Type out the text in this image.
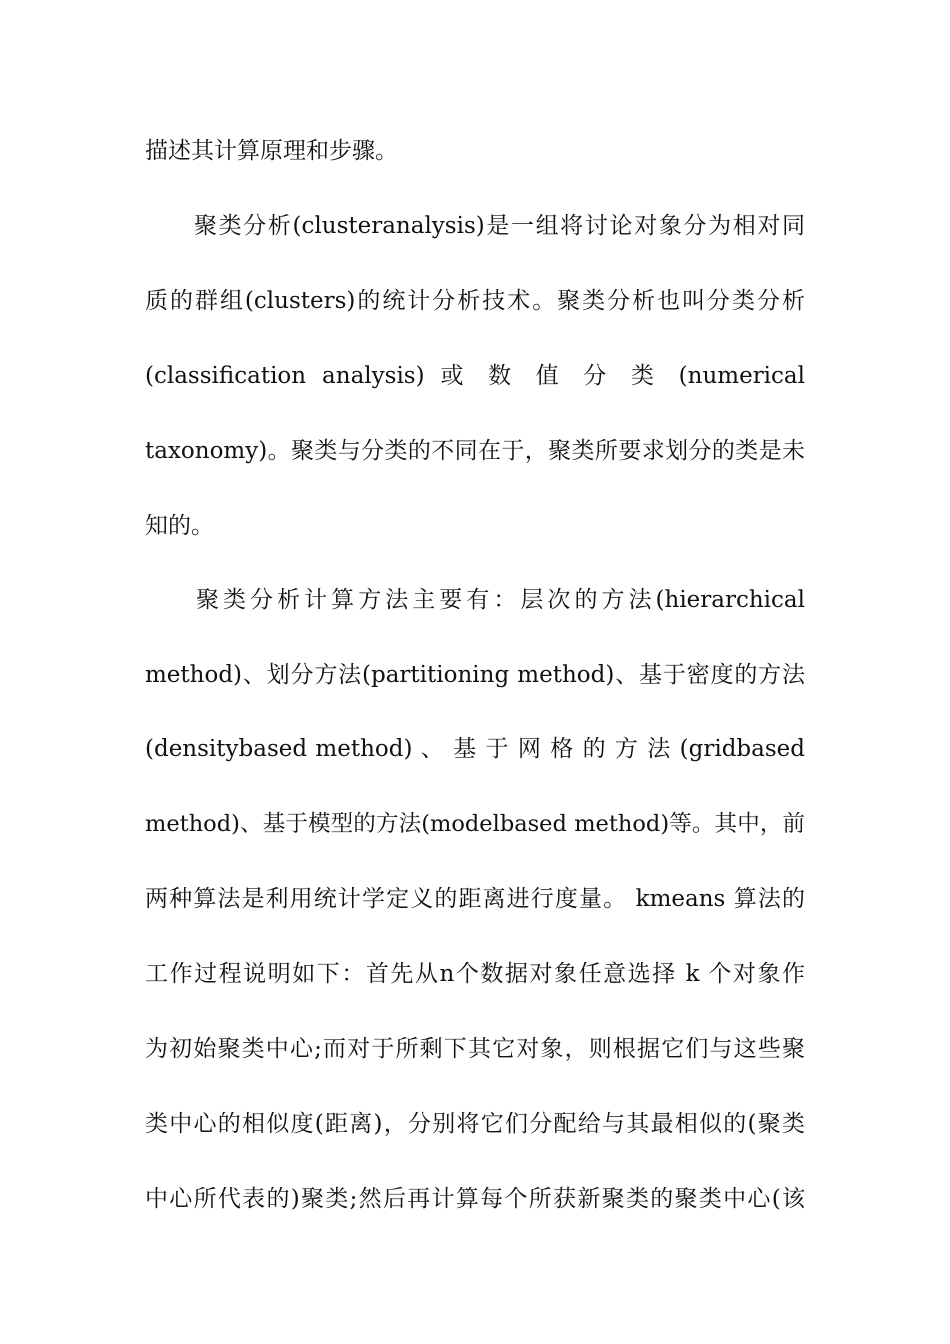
描述其计算原理和步骤。
聚类分析(clusteranalysis)是一组将讨论对象分为相对同
质的群组(clusters)的统计分析技术。聚类分析也叫分类分析
(classification analysis) 或 数 值 分 类 (numerical
taxonomy)。聚类与分类的不同在于，聚类所要求划分的类是未
知的。
聚类分析计算方法主要有：层次的方法(hierarchical
method)、划分方法(partitioning method)、基于密度的方法
(densitybased method) 、 基 于 网 格 的 方 法 (gridbased
method)、基于模型的方法(modelbased method)等。其中，前
两种算法是利用统计学定义的距离进行度量。 kmeans 算法的
工作过程说明如下：首先从n个数据对象任意选择 k 个对象作
为初始聚类中心;而对于所剩下其它对象，则根据它们与这些聚
类中心的相似度(距离)，分别将它们分配给与其最相似的(聚类
中心所代表的)聚类;然后再计算每个所获新聚类的聚类中心(该
